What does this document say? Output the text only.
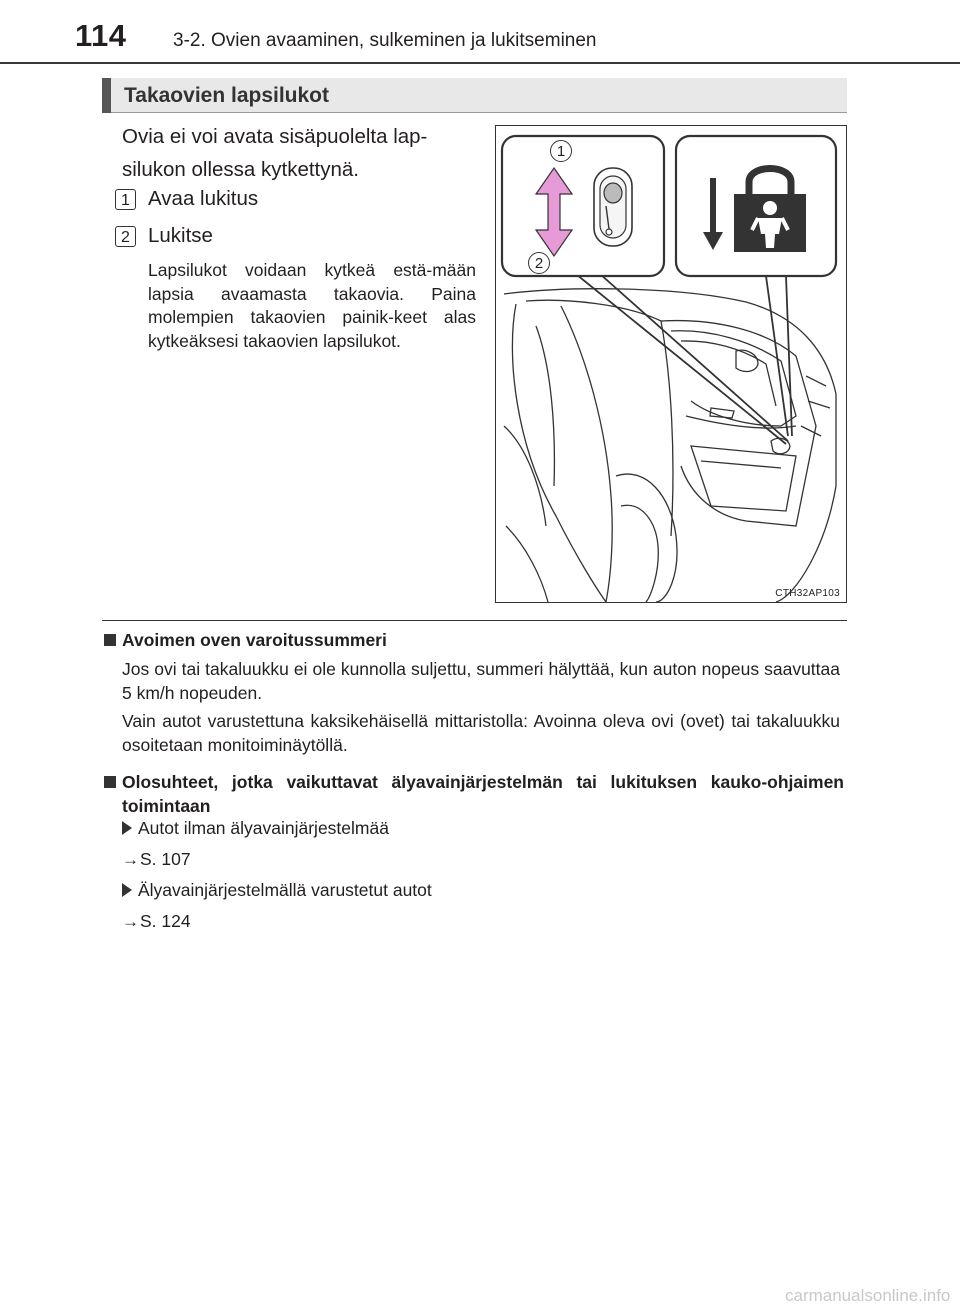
114 3-2. Ovien avaaminen, sulkeminen ja lukitseminen
Takaovien lapsilukot
Ovia ei voi avata sisäpuolelta lap-silukon ollessa kytkettynä.
1 Avaa lukitus
2 Lukitse
Lapsilukot voidaan kytkeä estä-mään lapsia avaamasta takaovia. Paina molempien takaovien painik-keet alas kytkeäksesi takaovien lapsilukot.
1
2
CTH32AP103
Avoimen oven varoitussummeri
Jos ovi tai takaluukku ei ole kunnolla suljettu, summeri hälyttää, kun auton nopeus saavuttaa 5 km/h nopeuden.
Vain autot varustettuna kaksikehäisellä mittaristolla: Avoinna oleva ovi (ovet) tai takaluukku osoitetaan monitoiminäytöllä.
Olosuhteet, jotka vaikuttavat älyavainjärjestelmän tai lukituksen kauko-ohjaimen toimintaan
Autot ilman älyavainjärjestelmää
→S. 107
Älyavainjärjestelmällä varustetut autot
→S. 124
carmanualsonline.info
